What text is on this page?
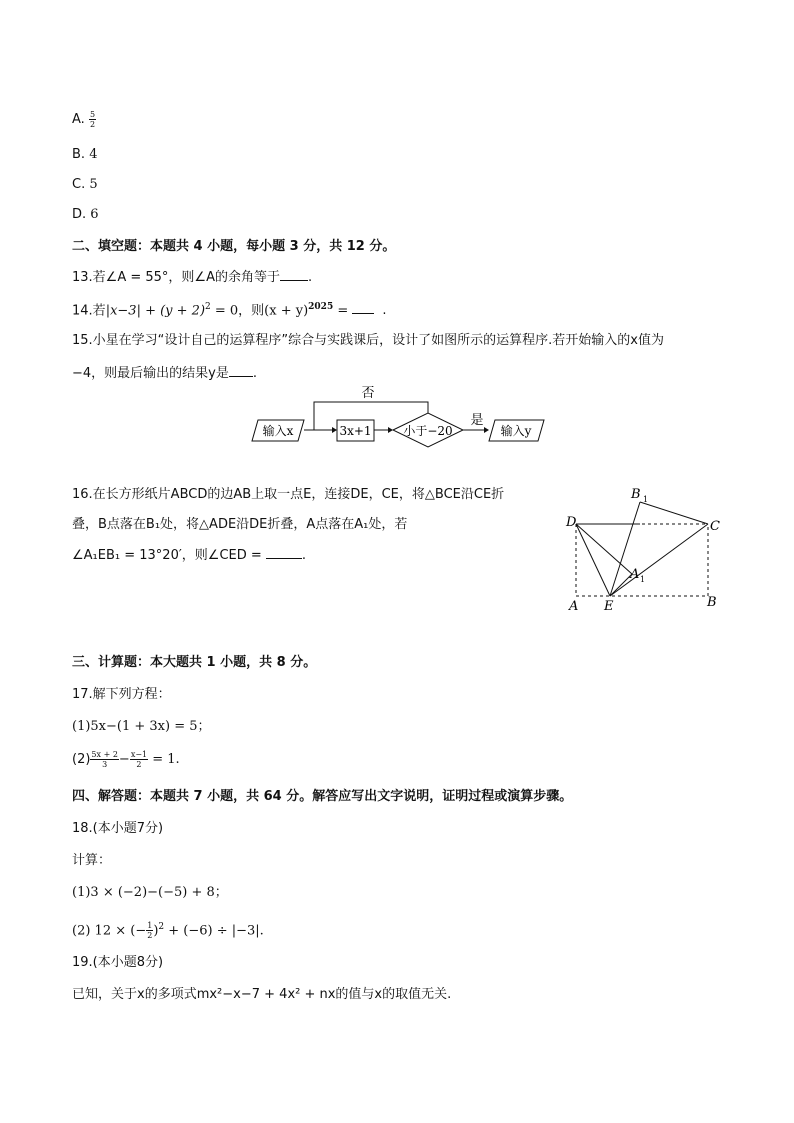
A. $\frac{5}{2}$
B. 4
C. 5
D. 6
二、填空题：本题共 4 小题，每小题 3 分，共 12 分。
13.若∠A = 55°，则∠A的余角等于 .
14.若$|x-3| + (y + 2)^2 = 0$，则$(x + y)^{2025}$ = .
15.小星在学习“设计自己的运算程序”综合与实践课后，设计了如图所示的运算程序.若开始输入的x值为
−4，则最后输出的结果y是 .
输入x	3x+1	小于−20
否
是
输入y
16.在长方形纸片ABCD的边AB上取一点E，连接DE，CE，将△BCE沿CE折
叠，B点落在B₁处，将△ADE沿DE折叠，A点落在A₁处，若
∠A₁EB₁ = 13°20′，则∠CED =	.
D	C
A E	B
B 1
A 1
三、计算题：本大题共 1 小题，共 8 分。
17.解下列方程：
(1)5x−(1 + 3x) = 5；
$(2) \frac{5x + 2}{3} - \frac{x-1}{2} = 1$.
四、解答题：本题共 7 小题，共 64 分。解答应写出文字说明，证明过程或演算步骤。
18.(本小题7分)
计算：
(1)3 × (−2)−(−5) + 8；
(2) 12 × (− $\frac{1}{2} )^2 + (-6) \div |-3|$.
19.(本小题8分)
已知，关于x的多项式mx²−x−7 + 4x² + nx的值与x的取值无关.
